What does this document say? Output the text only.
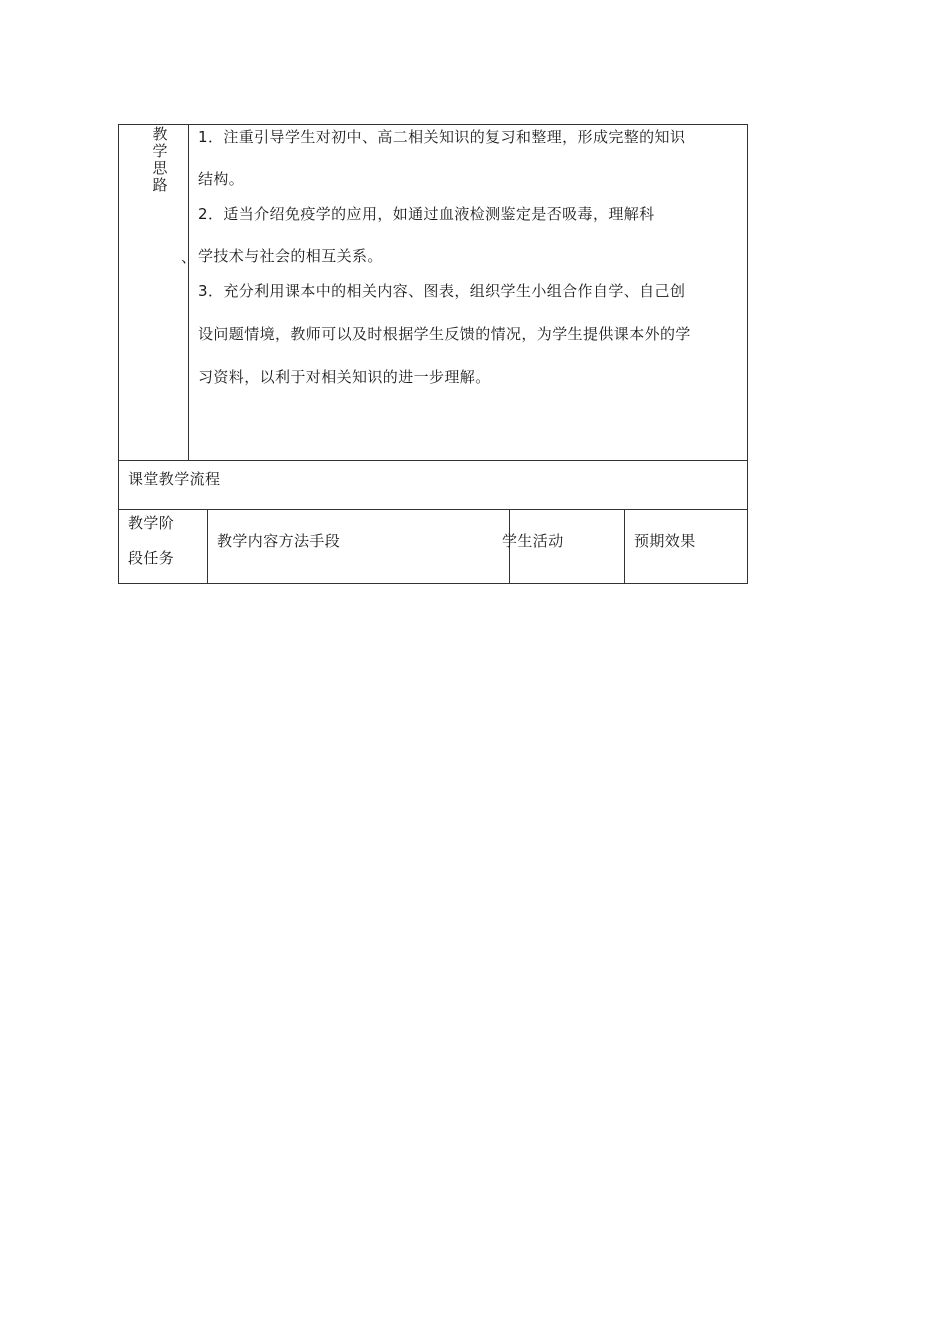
教学思路
1．注重引导学生对初中、高二相关知识的复习和整理，形成完整的知识
结构。
2．适当介绍免疫学的应用，如通过血液检测鉴定是否吸毒，理解科
、 学技术与社会的相互关系。
3．充分利用课本中的相关内容、图表，组织学生小组合作自学、自己创
设问题情境，教师可以及时根据学生反馈的情况，为学生提供课本外的学
习资料，以利于对相关知识的进一步理解。
课堂教学流程
教学阶
段任务
教学内容方法手段	学生活动	预期效果
